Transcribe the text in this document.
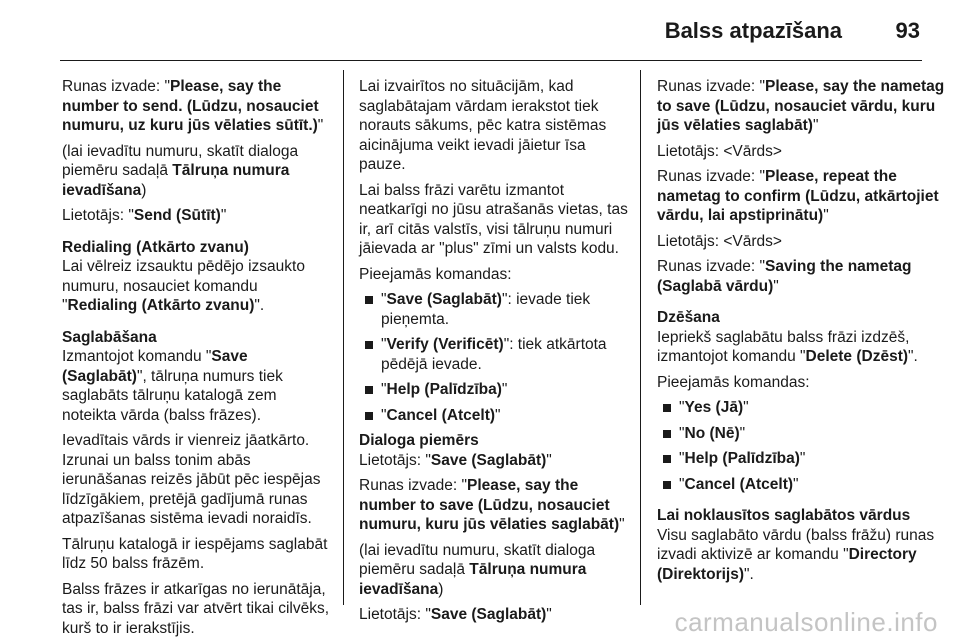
Balss atpazīšana 93

Runas izvade: "Please, say the number to send. (Lūdzu, nosauciet numuru, uz kuru jūs vēlaties sūtīt.)"

(lai ievadītu numuru, skatīt dialoga piemēru sadaļā Tālruņa numura ievadīšana)

Lietotājs: "Send (Sūtīt)"

Redialing (Atkārto zvanu)

Lai vēlreiz izsauktu pēdējo izsaukto numuru, nosauciet komandu "Redialing (Atkārto zvanu)".

Saglabāšana

Izmantojot komandu "Save (Saglabāt)", tālruņa numurs tiek saglabāts tālruņu katalogā zem noteikta vārda (balss frāzes).

Ievadītais vārds ir vienreiz jāatkārto. Izrunai un balss tonim abās ierunāšanas reizēs jābūt pēc iespējas līdzīgākiem, pretējā gadījumā runas atpazīšanas sistēma ievadi noraidīs.

Tālruņu katalogā ir iespējams saglabāt līdz 50 balss frāzēm.

Balss frāzes ir atkarīgas no ierunātāja, tas ir, balss frāzi var atvērt tikai cilvēks, kurš to ir ierakstījis.

Lai izvairītos no situācijām, kad saglabātajam vārdam ierakstot tiek norauts sākums, pēc katra sistēmas aicinājuma veikt ievadi jāietur īsa pauze.

Lai balss frāzi varētu izmantot neatkarīgi no jūsu atrašanās vietas, tas ir, arī citās valstīs, visi tālruņu numuri jāievada ar "plus" zīmi un valsts kodu.

Pieejamās komandas:

"Save (Saglabāt)": ievade tiek pieņemta.
"Verify (Verificēt)": tiek atkārtota pēdējā ievade.
"Help (Palīdzība)"
"Cancel (Atcelt)"

Dialoga piemērs

Lietotājs: "Save (Saglabāt)"

Runas izvade: "Please, say the number to save (Lūdzu, nosauciet numuru, kuru jūs vēlaties saglabāt)"

(lai ievadītu numuru, skatīt dialoga piemēru sadaļā Tālruņa numura ievadīšana)

Lietotājs: "Save (Saglabāt)"

Runas izvade: "Please, say the nametag to save (Lūdzu, nosauciet vārdu, kuru jūs vēlaties saglabāt)"

Lietotājs: <Vārds>

Runas izvade: "Please, repeat the nametag to confirm (Lūdzu, atkārtojiet vārdu, lai apstiprinātu)"

Lietotājs: <Vārds>

Runas izvade: "Saving the nametag (Saglabā vārdu)"

Dzēšana

Iepriekš saglabātu balss frāzi izdzēš, izmantojot komandu "Delete (Dzēst)".

Pieejamās komandas:

"Yes (Jā)"
"No (Nē)"
"Help (Palīdzība)"
"Cancel (Atcelt)"

Lai noklausītos saglabātos vārdus

Visu saglabāto vārdu (balss frāžu) runas izvadi aktivizē ar komandu "Directory (Direktorijs)".

carmanualsonline.info
